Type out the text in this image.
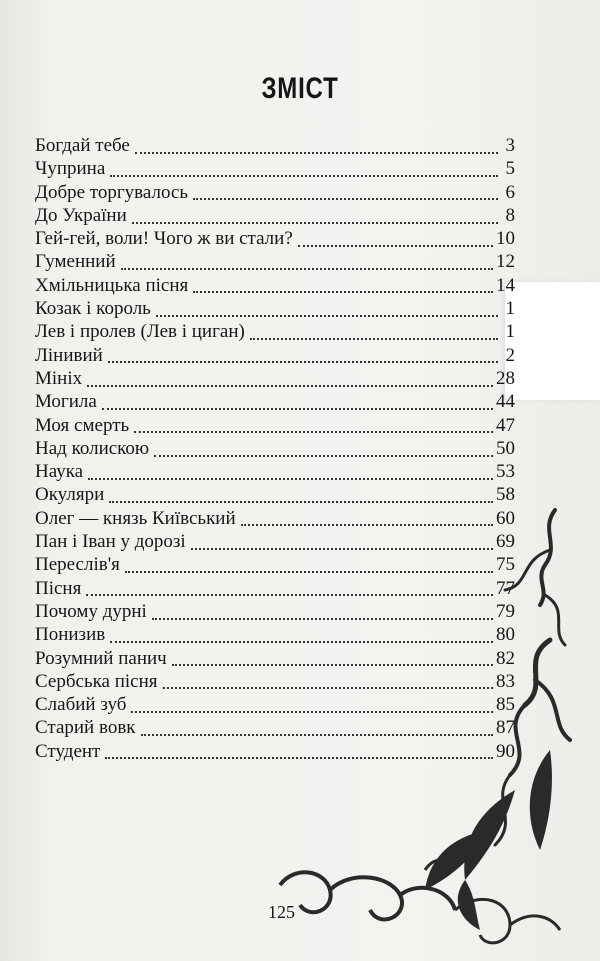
ЗМІСТ
Богдай тебе	3
Чуприна	5
Добре торгувалось	6
До України	8
Гей-гей, воли! Чого ж ви стали?	10
Гуменний	12
Хмільницька пісня	14
Козак і король	1
Лев і пролев (Лев і циган)	1
Лінивий	2
Мініх	28
Могила	44
Моя смерть	47
Над колискою	50
Наука	53
Окуляри	58
Олег — князь Київський	60
Пан і Іван у дорозі	69
Переслів'я	75
Пісня	77
Почому дурні	79
Понизив	80
Розумний панич	82
Сербська пісня	83
Слабий зуб	85
Старий вовк	87
Студент	90
125
